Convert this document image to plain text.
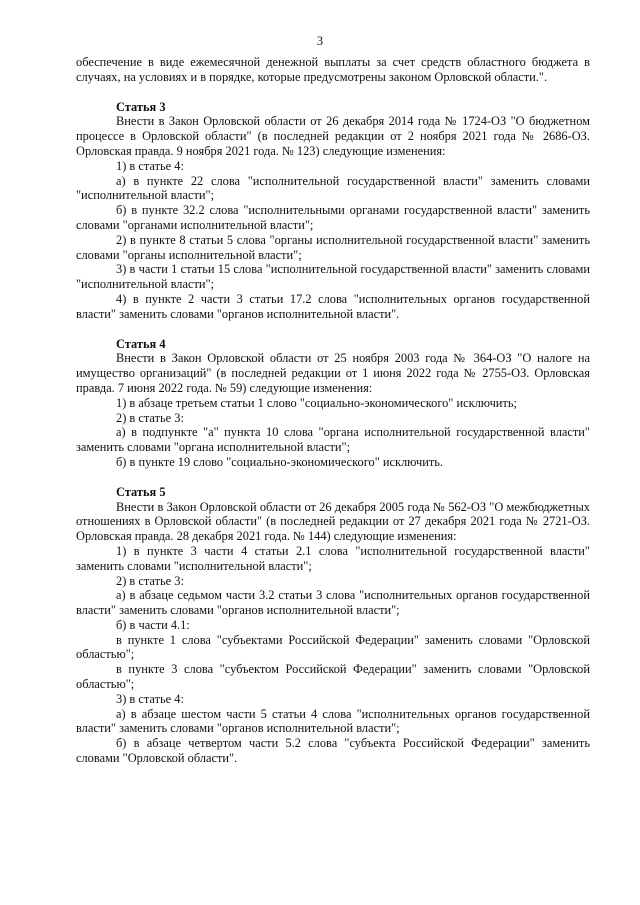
3

обеспечение в виде ежемесячной денежной выплаты за счет средств областного бюджета в случаях, на условиях и в порядке, которые предусмотрены законом Орловской области.".

Статья 3

Внести в Закон Орловской области от 26 декабря 2014 года № 1724-ОЗ "О бюджетном процессе в Орловской области" (в последней редакции от 2 ноября 2021 года № 2686-ОЗ. Орловская правда. 9 ноября 2021 года. № 123) следующие изменения:

1) в статье 4:

а) в пункте 22 слова "исполнительной государственной власти" заменить словами "исполнительной власти";

б) в пункте 32.2 слова "исполнительными органами государственной власти" заменить словами "органами исполнительной власти";

2) в пункте 8 статьи 5 слова "органы исполнительной государственной власти" заменить словами "органы исполнительной власти";

3) в части 1 статьи 15 слова "исполнительной государственной власти" заменить словами "исполнительной власти";

4) в пункте 2 части 3 статьи 17.2 слова "исполнительных органов государственной власти" заменить словами "органов исполнительной власти".

Статья 4

Внести в Закон Орловской области от 25 ноября 2003 года № 364-ОЗ "О налоге на имущество организаций" (в последней редакции от 1 июня 2022 года № 2755-ОЗ. Орловская правда. 7 июня 2022 года. № 59) следующие изменения:

1) в абзаце третьем статьи 1 слово "социально-экономического" исключить;

2) в статье 3:

а) в подпункте "а" пункта 10 слова "органа исполнительной государственной власти" заменить словами "органа исполнительной власти";

б) в пункте 19 слово "социально-экономического" исключить.

Статья 5

Внести в Закон Орловской области от 26 декабря 2005 года № 562-ОЗ "О межбюджетных отношениях в Орловской области" (в последней редакции от 27 декабря 2021 года № 2721-ОЗ. Орловская правда. 28 декабря 2021 года. № 144) следующие изменения:

1) в пункте 3 части 4 статьи 2.1 слова "исполнительной государственной власти" заменить словами "исполнительной власти";

2) в статье 3:

а) в абзаце седьмом части 3.2 статьи 3 слова "исполнительных органов государственной власти" заменить словами "органов исполнительной власти";

б) в части 4.1:

в пункте 1 слова "субъектами Российской Федерации" заменить словами "Орловской областью";

в пункте 3 слова "субъектом Российской Федерации" заменить словами "Орловской областью";

3) в статье 4:

а) в абзаце шестом части 5 статьи 4 слова "исполнительных органов государственной власти" заменить словами "органов исполнительной власти";

б) в абзаце четвертом части 5.2 слова "субъекта Российской Федерации" заменить словами "Орловской области".
